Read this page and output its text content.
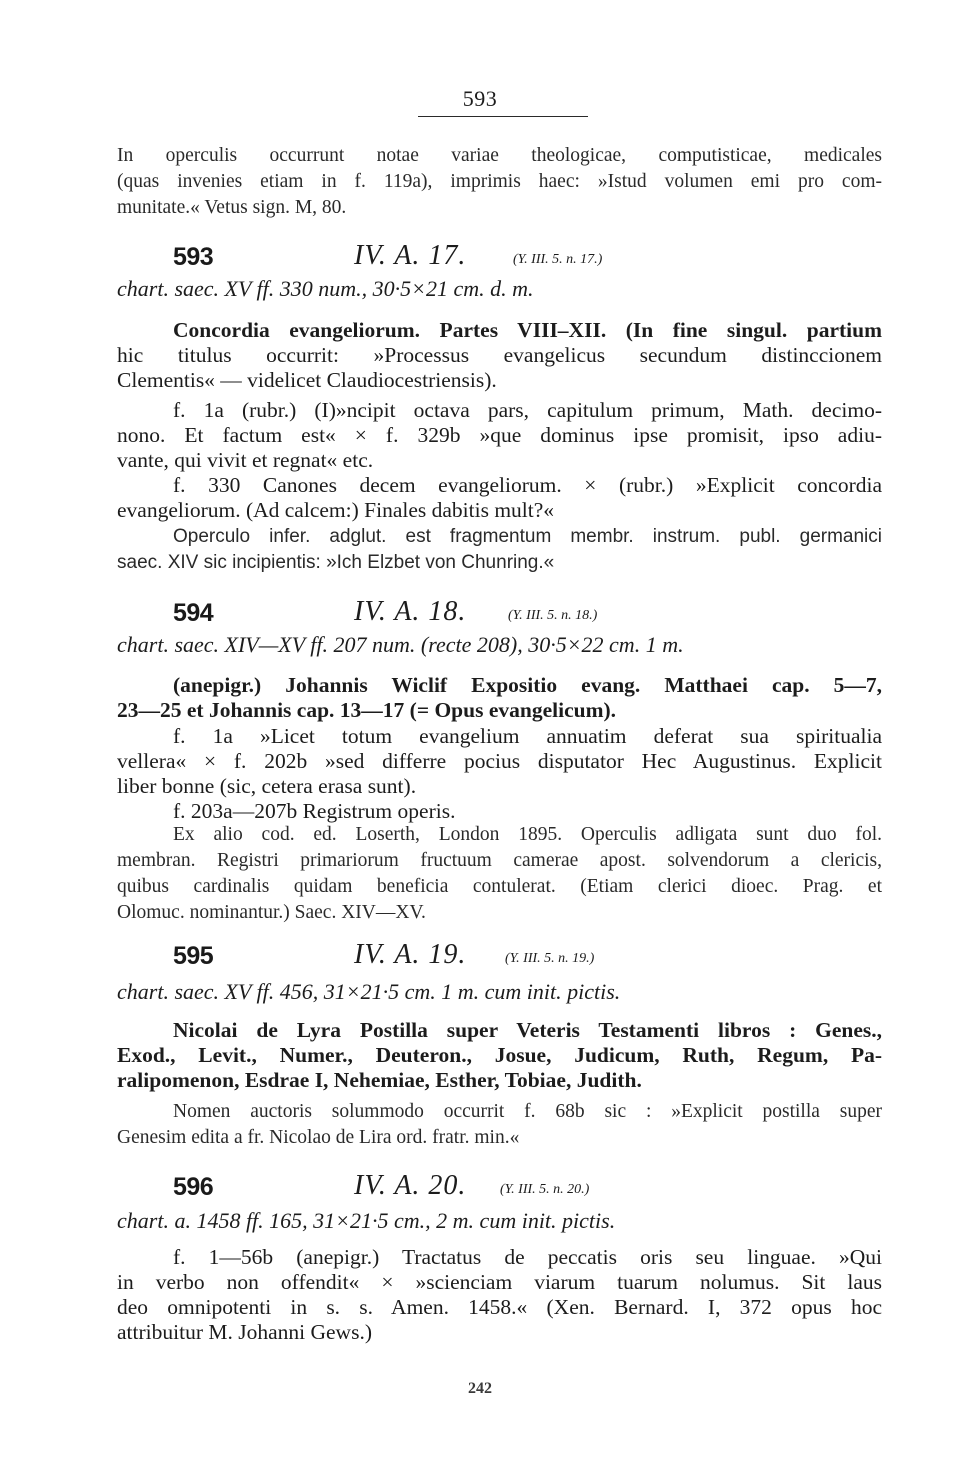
593
In operculis occurrunt notae variae theologicae, computisticae, medicales
(quas invenies etiam in f. 119a), imprimis haec: »Istud volumen emi pro com-
munitate.« Vetus sign. M, 80.
593	IV. A. 17.	(Y. III. 5. n. 17.)
chart. saec. XV ff. 330 num., 30·5×21 cm. d. m.
Concordia evangeliorum. Partes VIII–XII. (In fine singul. partium
hic titulus occurrit: »Processus evangelicus secundum distinccionem
Clementis« — videlicet Claudiocestriensis).
f. 1a (rubr.) (I)»ncipit octava pars, capitulum primum, Math. decimo-
nono. Et factum est« × f. 329b »que dominus ipse promisit, ipso adiu-
vante, qui vivit et regnat« etc.
f. 330 Canones decem evangeliorum. × (rubr.) »Explicit concordia
evangeliorum. (Ad calcem:) Finales dabitis mult?«
Operculo infer. adglut. est fragmentum membr. instrum. publ. germanici
saec. XIV sic incipientis: »Ich Elzbet von Chunring.«
594	IV. A. 18.	(Y. III. 5. n. 18.)
chart. saec. XIV—XV ff. 207 num. (recte 208), 30·5×22 cm. 1 m.
(anepigr.) Johannis Wiclif Expositio evang. Matthaei cap. 5—7,
23—25 et Johannis cap. 13—17 (= Opus evangelicum).
f. 1a »Licet totum evangelium annuatim deferat sua spiritualia
vellera« × f. 202b »sed differre pocius disputator Hec Augustinus. Explicit
liber bonne (sic, cetera erasa sunt).
f. 203a—207b Registrum operis.
Ex alio cod. ed. Loserth, London 1895. Operculis adligata sunt duo fol.
membran. Registri primariorum fructuum camerae apost. solvendorum a clericis,
quibus cardinalis quidam beneficia contulerat. (Etiam clerici dioec. Prag. et
Olomuc. nominantur.) Saec. XIV—XV.
595	IV. A. 19.	(Y. III. 5. n. 19.)
chart. saec. XV ff. 456, 31×21·5 cm. 1 m. cum init. pictis.
Nicolai de Lyra Postilla super Veteris Testamenti libros : Genes.,
Exod., Levit., Numer., Deuteron., Josue, Judicum, Ruth, Regum, Pa-
ralipomenon, Esdrae I, Nehemiae, Esther, Tobiae, Judith.
Nomen auctoris solummodo occurrit f. 68b sic : »Explicit postilla super
Genesim edita a fr. Nicolao de Lira ord. fratr. min.«
596	IV. A. 20. (Y. III. 5. n. 20.)
chart. a. 1458 ff. 165, 31×21·5 cm., 2 m. cum init. pictis.
f. 1—56b (anepigr.) Tractatus de peccatis oris seu linguae. »Qui
in verbo non offendit« × »scienciam viarum tuarum nolumus. Sit laus
deo omnipotenti in s. s. Amen. 1458.« (Xen. Bernard. I, 372 opus hoc
attribuitur M. Johanni Gews.)
242
